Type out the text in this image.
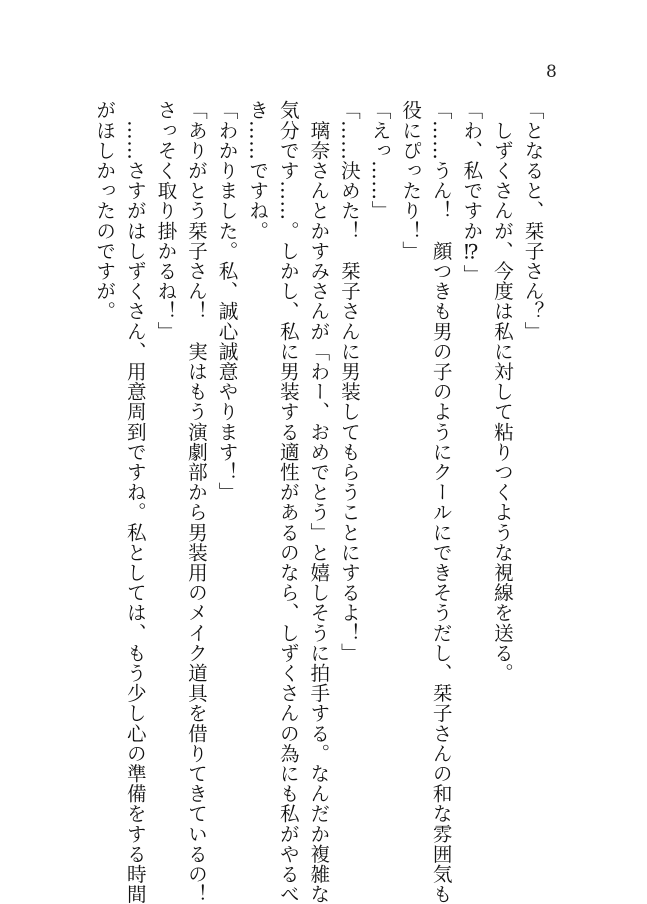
8
「となると、栞子さん？」
　しずくさんが、今度は私に対して粘りつくような視線を送る。
「わ、私ですか⁉」
「……うん！　顔つきも男の子のようにクールにできそうだし、栞子さんの和な雰囲気も
役にぴったり！」
「えっ……」
「……決めた！　栞子さんに男装してもらうことにするよ！」
　璃奈さんとかすみさんが「わー、おめでとう」と嬉しそうに拍手する。なんだか複雑な
気分です……。しかし、私に男装する適性があるのなら、しずくさんの為にも私がやるべ
き……ですね。
「わかりました。私、誠心誠意やります！」
「ありがとう栞子さん！　実はもう演劇部から男装用のメイク道具を借りてきているの！
さっそく取り掛かるね！」
　……さすがはしずくさん、用意周到ですね。私としては、もう少し心の準備をする時間
がほしかったのですが。
